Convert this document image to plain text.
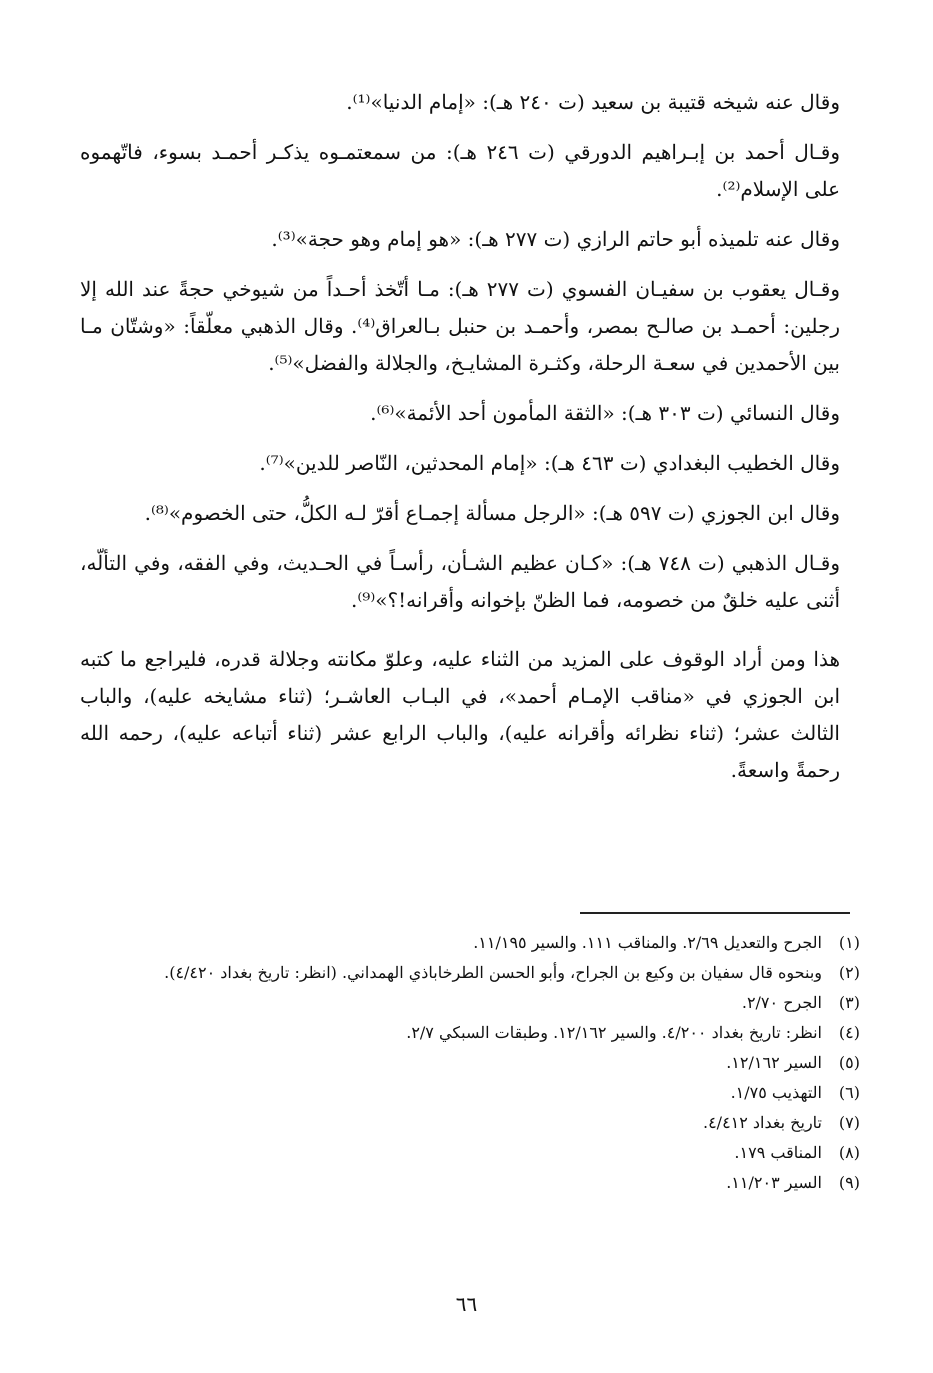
وقال عنه شيخه قتيبة بن سعيد (ت ٢٤٠ هـ): «إمام الدنيا»⁽¹⁾.

وقـال أحمد بن إبـراهيم الدورقي (ت ٢٤٦ هـ): من سمعتمـوه يذكـر أحمـد بسوء، فاتّهموه على الإسلام⁽²⁾.

وقال عنه تلميذه أبو حاتم الرازي (ت ٢٧٧ هـ): «هو إمام وهو حجة»⁽³⁾.

وقـال يعقوب بن سفيـان الفسوي (ت ٢٧٧ هـ): مـا أتّخذ أحـداً من شيوخي حجةً عند الله إلا رجلين: أحمـد بن صالـح بمصر، وأحمـد بن حنبل بـالعراق⁽⁴⁾. وقال الذهبي معلّقاً: «وشتّان مـا بين الأحمدين في سعـة الرحلة، وكثـرة المشايـخ، والجلالة والفضل»⁽⁵⁾.

وقال النسائي (ت ٣٠٣ هـ): «الثقة المأمون أحد الأئمة»⁽⁶⁾.

وقال الخطيب البغدادي (ت ٤٦٣ هـ): «إمام المحدثين، النّاصر للدين»⁽⁷⁾.

وقال ابن الجوزي (ت ٥٩٧ هـ): «الرجل مسألة إجمـاع أقرّ لـه الكلُّ، حتى الخصوم»⁽⁸⁾.

وقـال الذهبي (ت ٧٤٨ هـ): «كـان عظيم الشـأن، رأسـاً في الحـديث، وفي الفقه، وفي التألّه، أثنى عليه خلقٌ من خصومه، فما الظنّ بإخوانه وأقرانه!؟»⁽⁹⁾.

هذا ومن أراد الوقوف على المزيد من الثناء عليه، وعلوّ مكانته وجلالة قدره، فليراجع ما كتبه ابن الجوزي في «مناقب الإمـام أحمد»، في البـاب العاشـر؛ (ثناء مشايخه عليه)، والباب الثالث عشر؛ (ثناء نظرائه وأقرانه عليه)، والباب الرابع عشر (ثناء أتباعه عليه)، رحمه الله رحمةً واسعةً.

(١)
الجرح والتعديل ٢/٦٩. والمناقب ١١١. والسير ١١/١٩٥.
(٢)
وبنحوه قال سفيان بن وكيع بن الجراح، وأبو الحسن الطرخاباذي الهمداني. (انظر: تاريخ بغداد ٤/٤٢٠).
(٣)
الجرح ٢/٧٠.
(٤)
انظر: تاريخ بغداد ٤/٢٠٠. والسير ١٢/١٦٢. وطبقات السبكي ٢/٧.
(٥)
السير ١٢/١٦٢.
(٦)
التهذيب ١/٧٥.
(٧)
تاريخ بغداد ٤/٤١٢.
(٨)
المناقب ١٧٩.
(٩)
السير ١١/٢٠٣.
٦٦
